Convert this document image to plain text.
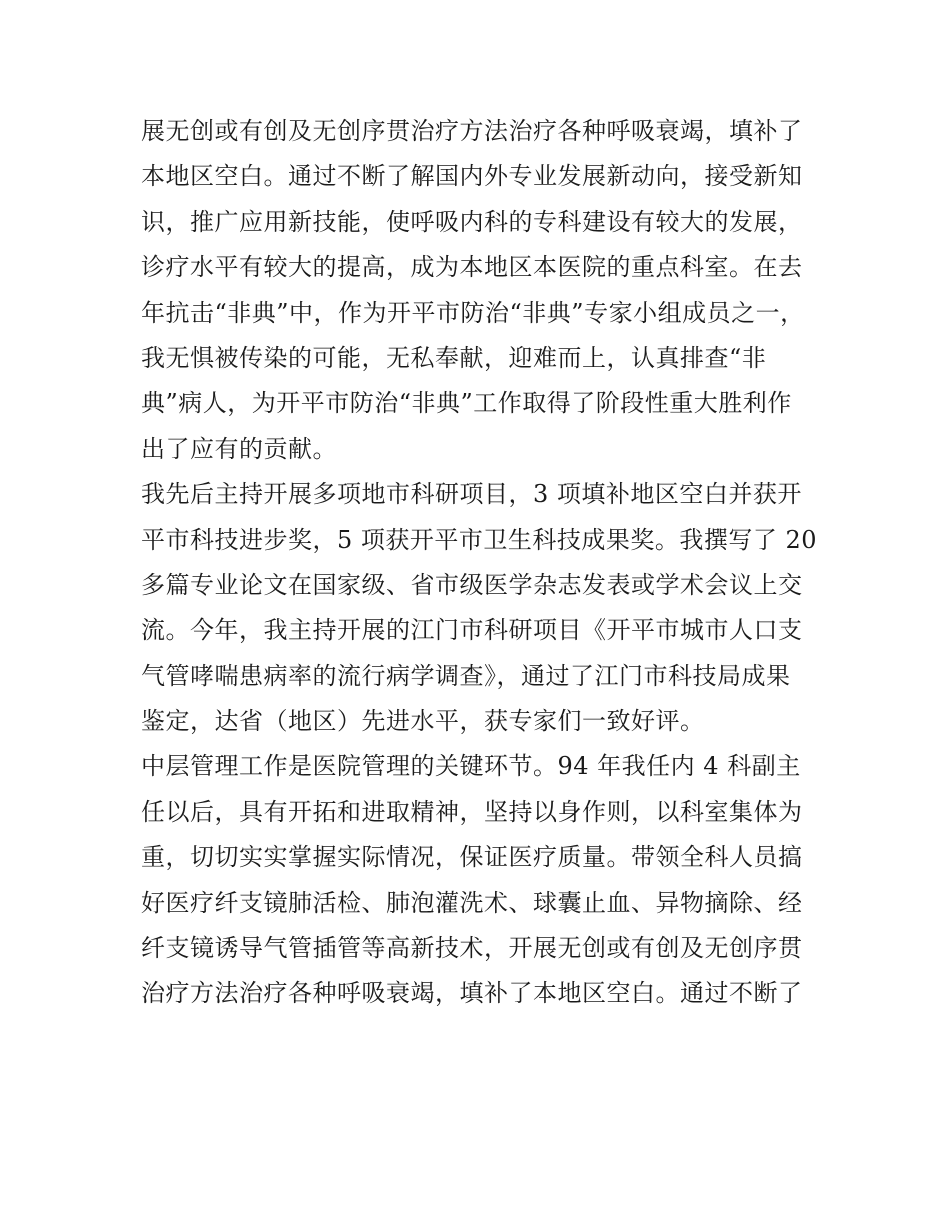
展无创或有创及无创序贯治疗方法治疗各种呼吸衰竭，填补了
本地区空白。通过不断了解国内外专业发展新动向，接受新知
识，推广应用新技能，使呼吸内科的专科建设有较大的发展，
诊疗水平有较大的提高，成为本地区本医院的重点科室。在去
年抗击“非典”中，作为开平市防治“非典”专家小组成员之一，
我无惧被传染的可能，无私奉献，迎难而上，认真排查“非
典”病人，为开平市防治“非典”工作取得了阶段性重大胜利作
出了应有的贡献。
我先后主持开展多项地市科研项目，3 项填补地区空白并获开
平市科技进步奖，5 项获开平市卫生科技成果奖。我撰写了 20
多篇专业论文在国家级、省市级医学杂志发表或学术会议上交
流。今年，我主持开展的江门市科研项目《开平市城市人口支
气管哮喘患病率的流行病学调查》，通过了江门市科技局成果
鉴定，达省（地区）先进水平，获专家们一致好评。
中层管理工作是医院管理的关键环节。94 年我任内 4 科副主
任以后，具有开拓和进取精神，坚持以身作则，以科室集体为
重，切切实实掌握实际情况，保证医疗质量。带领全科人员搞
好医疗纤支镜肺活检、肺泡灌洗术、球囊止血、异物摘除、经
纤支镜诱导气管插管等高新技术，开展无创或有创及无创序贯
治疗方法治疗各种呼吸衰竭，填补了本地区空白。通过不断了
